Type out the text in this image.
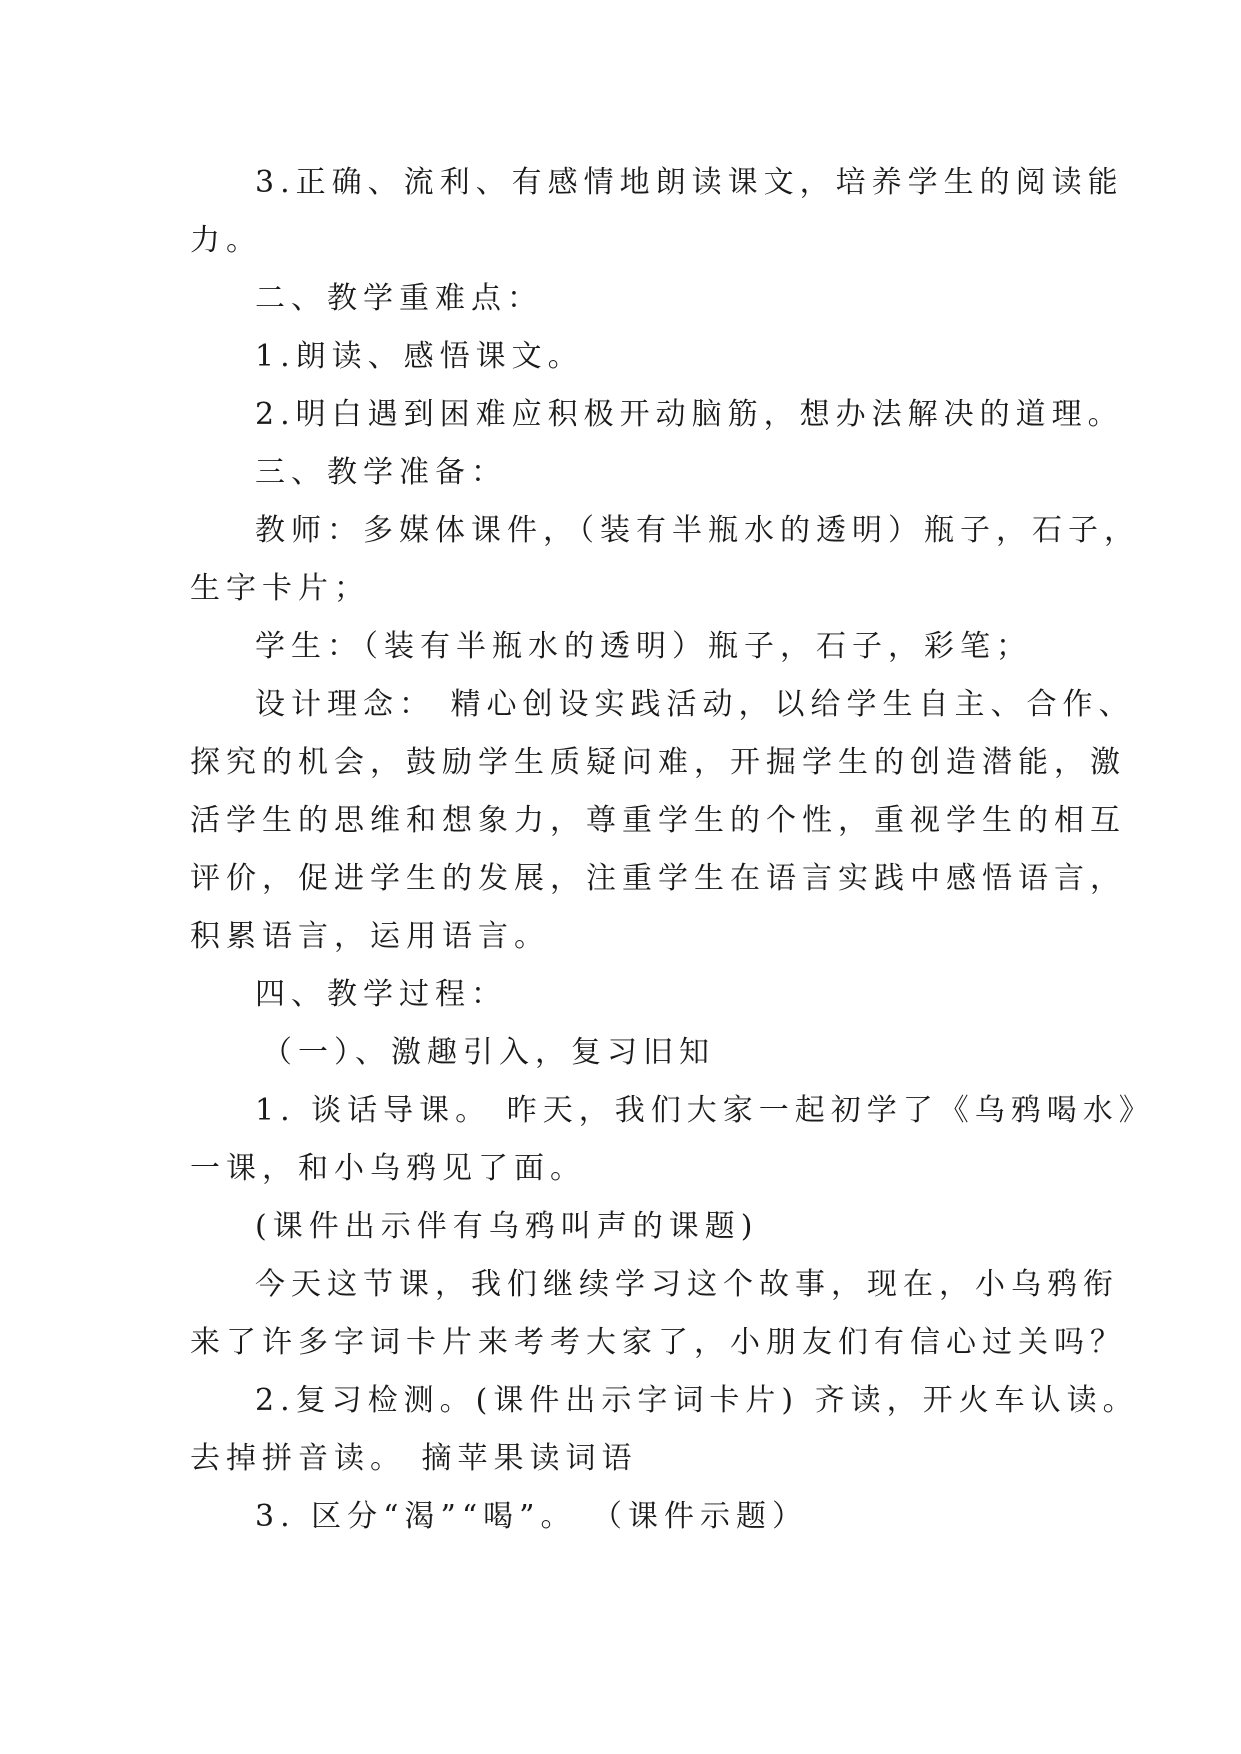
3.正确、流利、有感情地朗读课文，培养学生的阅读能
力。
二、教学重难点：
1.朗读、感悟课文。
2.明白遇到困难应积极开动脑筋，想办法解决的道理。
三、教学准备：
教师：多媒体课件，（装有半瓶水的透明）瓶子，石子，
生字卡片；
学生：（装有半瓶水的透明）瓶子，石子，彩笔；
设计理念： 精心创设实践活动，以给学生自主、合作、
探究的机会，鼓励学生质疑问难，开掘学生的创造潜能，激
活学生的思维和想象力，尊重学生的个性，重视学生的相互
评价，促进学生的发展，注重学生在语言实践中感悟语言，
积累语言，运用语言。
四、教学过程：
（一）、激趣引入，复习旧知
1. 谈话导课。 昨天，我们大家一起初学了《乌鸦喝水》
一课，和小乌鸦见了面。
(课件出示伴有乌鸦叫声的课题)
今天这节课，我们继续学习这个故事，现在，小乌鸦衔
来了许多字词卡片来考考大家了，小朋友们有信心过关吗？
2.复习检测。(课件出示字词卡片) 齐读，开火车认读。
去掉拼音读。 摘苹果读词语
3. 区分“渴”“喝”。 （课件示题）
